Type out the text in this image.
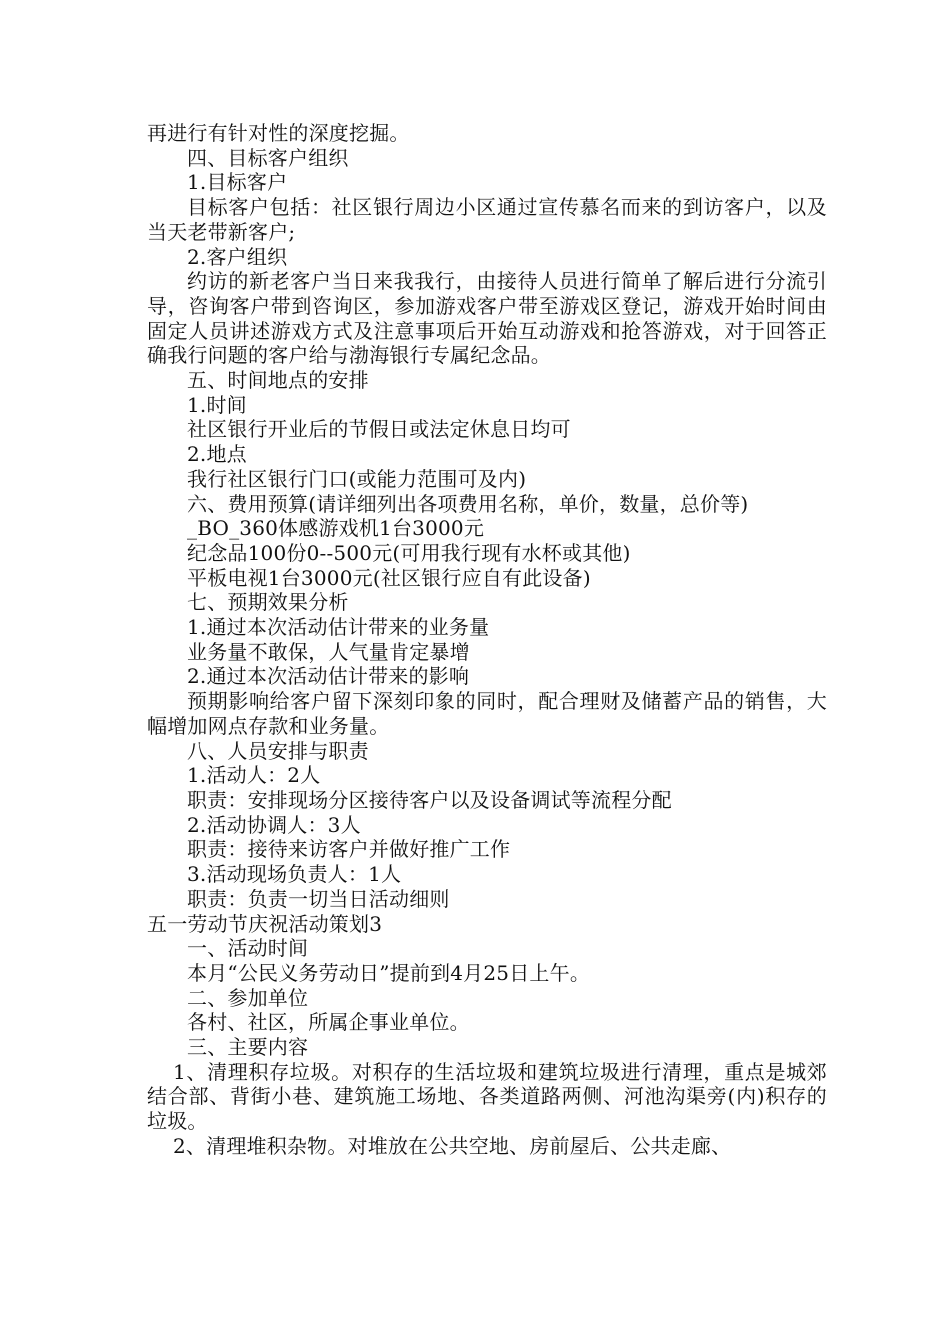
再进行有针对性的深度挖掘。

四、目标客户组织

1.目标客户

目标客户包括：社区银行周边小区通过宣传慕名而来的到访客户，以及当天老带新客户;

2.客户组织

约访的新老客户当日来我我行，由接待人员进行简单了解后进行分流引导，咨询客户带到咨询区，参加游戏客户带至游戏区登记，游戏开始时间由固定人员讲述游戏方式及注意事项后开始互动游戏和抢答游戏，对于回答正确我行问题的客户给与渤海银行专属纪念品。

五、时间地点的安排

1.时间

社区银行开业后的节假日或法定休息日均可

2.地点

我行社区银行门口(或能力范围可及内)

六、费用预算(请详细列出各项费用名称，单价，数量，总价等)

_BO_360体感游戏机1台3000元

纪念品100份0--500元(可用我行现有水杯或其他)

平板电视1台3000元(社区银行应自有此设备)

七、预期效果分析

1.通过本次活动估计带来的业务量

业务量不敢保，人气量肯定暴增

2.通过本次活动估计带来的影响

预期影响给客户留下深刻印象的同时，配合理财及储蓄产品的销售，大幅增加网点存款和业务量。

八、人员安排与职责

1.活动人：2人

职责：安排现场分区接待客户以及设备调试等流程分配

2.活动协调人：3人

职责：接待来访客户并做好推广工作

3.活动现场负责人：1人

职责：负责一切当日活动细则

五一劳动节庆祝活动策划3

一、活动时间

本月“公民义务劳动日”提前到4月25日上午。

二、参加单位

各村、社区，所属企事业单位。

三、主要内容

1、清理积存垃圾。对积存的生活垃圾和建筑垃圾进行清理，重点是城郊结合部、背街小巷、建筑施工场地、各类道路两侧、河池沟渠旁(内)积存的垃圾。

2、清理堆积杂物。对堆放在公共空地、房前屋后、公共走廊、
